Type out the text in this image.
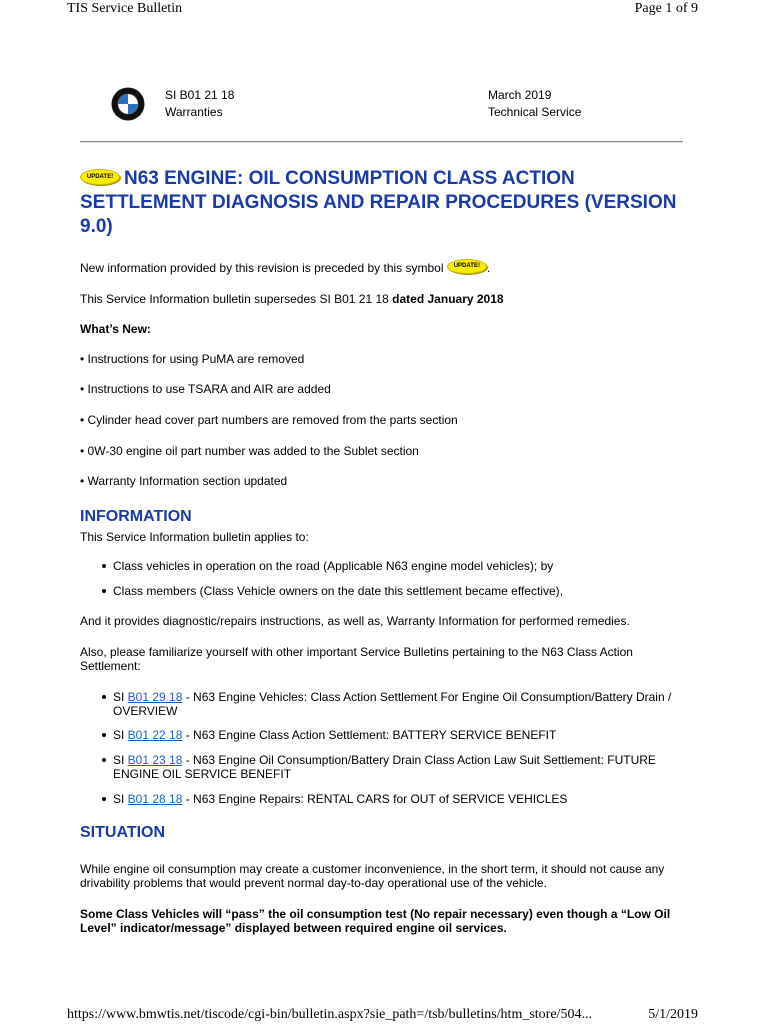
TIS Service Bulletin	Page 1 of 9
SI B01 21 18
Warranties
March 2019
Technical Service
UPDATE! N63 ENGINE: OIL CONSUMPTION CLASS ACTION SETTLEMENT DIAGNOSIS AND REPAIR PROCEDURES (VERSION 9.0)
New information provided by this revision is preceded by this symbol UPDATE! .
This Service Information bulletin supersedes SI B01 21 18 dated January 2018
What’s New:
• Instructions for using PuMA are removed
• Instructions to use TSARA and AIR are added
• Cylinder head cover part numbers are removed from the parts section
• 0W-30 engine oil part number was added to the Sublet section
• Warranty Information section updated
INFORMATION
This Service Information bulletin applies to:
Class vehicles in operation on the road (Applicable N63 engine model vehicles); by
Class members (Class Vehicle owners on the date this settlement became effective),
And it provides diagnostic/repairs instructions, as well as, Warranty Information for performed remedies.
Also, please familiarize yourself with other important Service Bulletins pertaining to the N63 Class Action Settlement:
SI B01 29 18 - N63 Engine Vehicles: Class Action Settlement For Engine Oil Consumption/Battery Drain / OVERVIEW
SI B01 22 18 - N63 Engine Class Action Settlement: BATTERY SERVICE BENEFIT
SI B01 23 18 - N63 Engine Oil Consumption/Battery Drain Class Action Law Suit Settlement: FUTURE ENGINE OIL SERVICE BENEFIT
SI B01 28 18 - N63 Engine Repairs: RENTAL CARS for OUT of SERVICE VEHICLES
SITUATION
While engine oil consumption may create a customer inconvenience, in the short term, it should not cause any drivability problems that would prevent normal day-to-day operational use of the vehicle.
Some Class Vehicles will “pass” the oil consumption test (No repair necessary) even though a “Low Oil Level” indicator/message” displayed between required engine oil services.
https://www.bmwtis.net/tiscode/cgi-bin/bulletin.aspx?sie_path=/tsb/bulletins/htm_store/504...	5/1/2019
